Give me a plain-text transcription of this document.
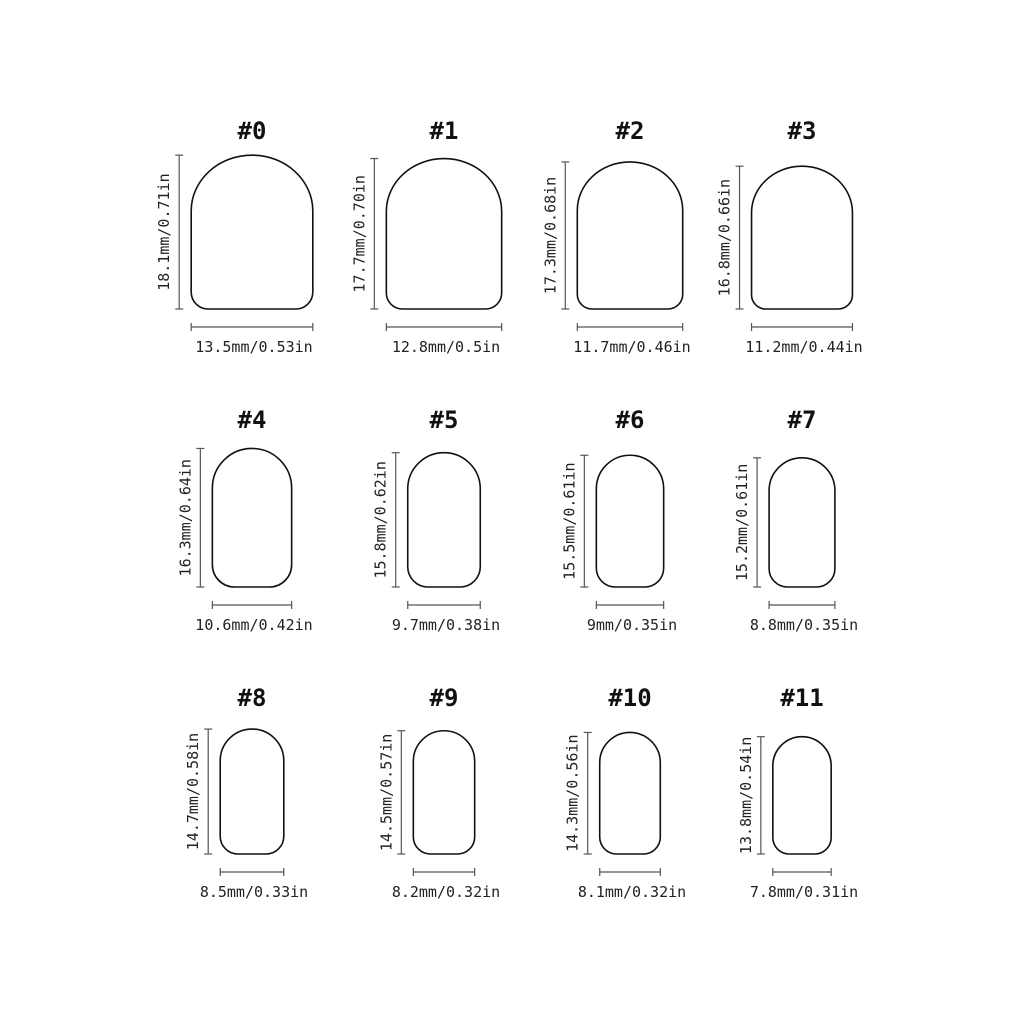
#0
18.1mm/0.71in
13.5mm/0.53in
#1
17.7mm/0.70in
12.8mm/0.5in
#2
17.3mm/0.68in
11.7mm/0.46in
#3
16.8mm/0.66in
11.2mm/0.44in
#4
16.3mm/0.64in
10.6mm/0.42in
#5
15.8mm/0.62in
9.7mm/0.38in
#6
15.5mm/0.61in
9mm/0.35in
#7
15.2mm/0.61in
8.8mm/0.35in
#8
14.7mm/0.58in
8.5mm/0.33in
#9
14.5mm/0.57in
8.2mm/0.32in
#10
14.3mm/0.56in
8.1mm/0.32in
#11
13.8mm/0.54in
7.8mm/0.31in
